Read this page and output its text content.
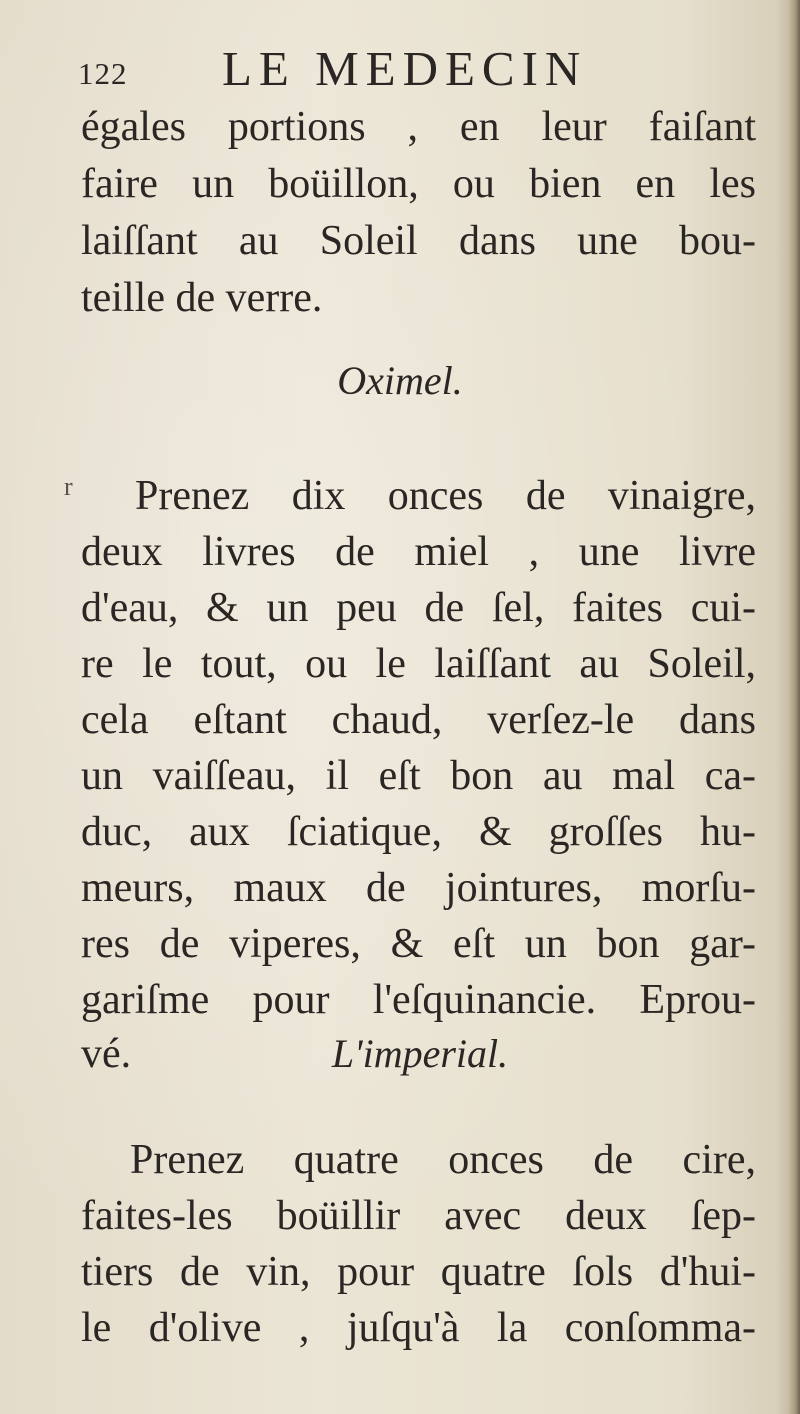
122 LE MEDECIN
égales portions , en leur faiſant
faire un boüillon, ou bien en les
laiſſant au Soleil dans une bou-
teille de verre.
Oximel.
r Prenez dix onces de vinaigre,
deux livres de miel , une livre
d'eau, & un peu de ſel, faites cui-
re le tout, ou le laiſſant au Soleil,
cela eſtant chaud, verſez-le dans
un vaiſſeau, il eſt bon au mal ca-
duc, aux ſciatique, & groſſes hu-
meurs, maux de jointures, morſu-
res de viperes, & eſt un bon gar-
gariſme pour l'eſquinancie. Eprou-
vé.	L'imperial.
Prenez quatre onces de cire,
faites-les boüillir avec deux ſep-
tiers de vin, pour quatre ſols d'hui-
le d'olive , juſqu'à la conſomma-
